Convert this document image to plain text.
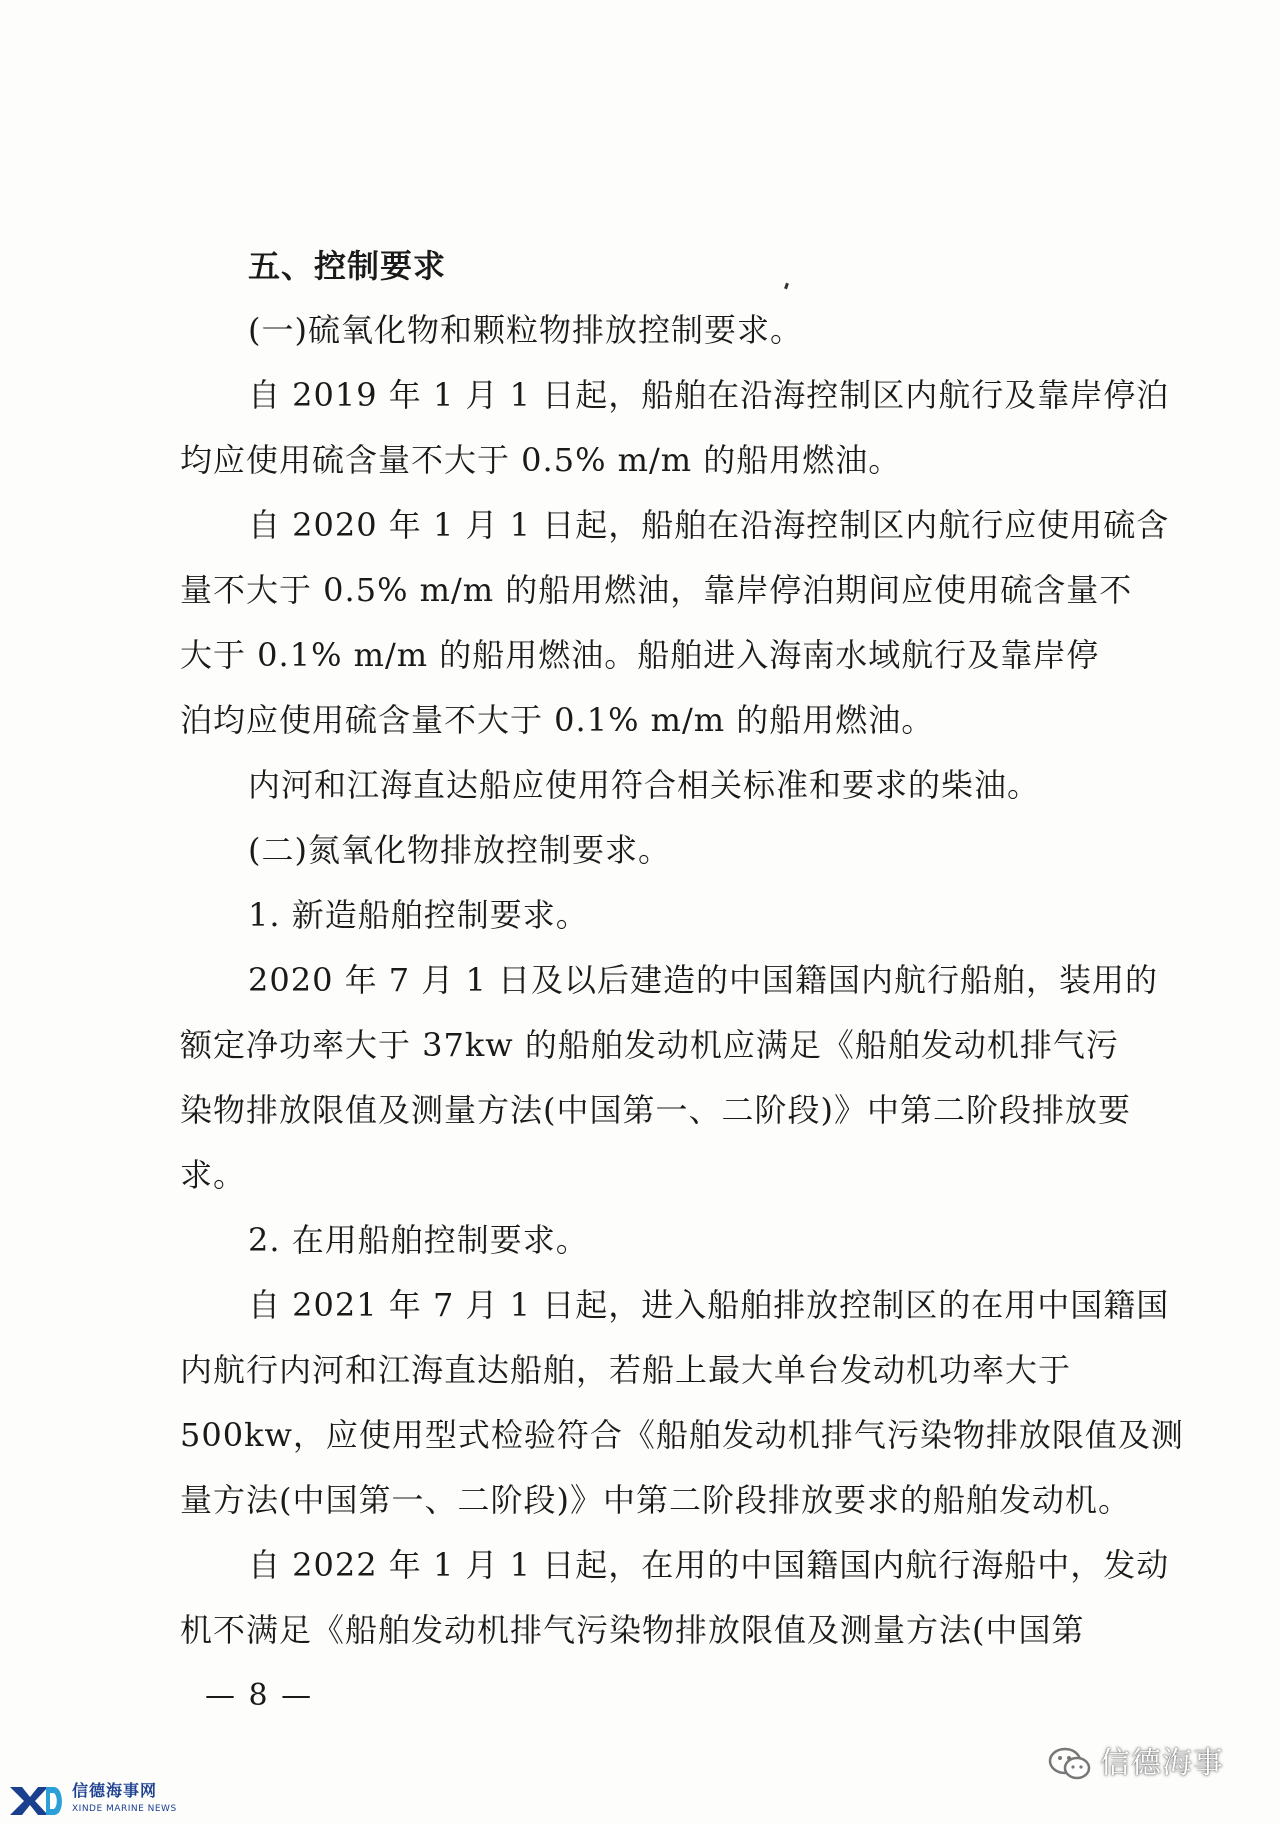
五、控制要求
(一)硫氧化物和颗粒物排放控制要求。
自 2019 年 1 月 1 日起，船舶在沿海控制区内航行及靠岸停泊
均应使用硫含量不大于 0.5% m/m 的船用燃油。
自 2020 年 1 月 1 日起，船舶在沿海控制区内航行应使用硫含
量不大于 0.5% m/m 的船用燃油，靠岸停泊期间应使用硫含量不
大于 0.1% m/m 的船用燃油。船舶进入海南水域航行及靠岸停
泊均应使用硫含量不大于 0.1% m/m 的船用燃油。
内河和江海直达船应使用符合相关标准和要求的柴油。
(二)氮氧化物排放控制要求。
1. 新造船舶控制要求。
2020 年 7 月 1 日及以后建造的中国籍国内航行船舶，装用的
额定净功率大于 37kw 的船舶发动机应满足《船舶发动机排气污
染物排放限值及测量方法(中国第一、二阶段)》中第二阶段排放要
求。
2. 在用船舶控制要求。
自 2021 年 7 月 1 日起，进入船舶排放控制区的在用中国籍国
内航行内河和江海直达船舶，若船上最大单台发动机功率大于
500kw，应使用型式检验符合《船舶发动机排气污染物排放限值及测
量方法(中国第一、二阶段)》中第二阶段排放要求的船舶发动机。
自 2022 年 1 月 1 日起，在用的中国籍国内航行海船中，发动
机不满足《船舶发动机排气污染物排放限值及测量方法(中国第
— 8 —
信德海事网
XINDE MARINE NEWS
信德海事
